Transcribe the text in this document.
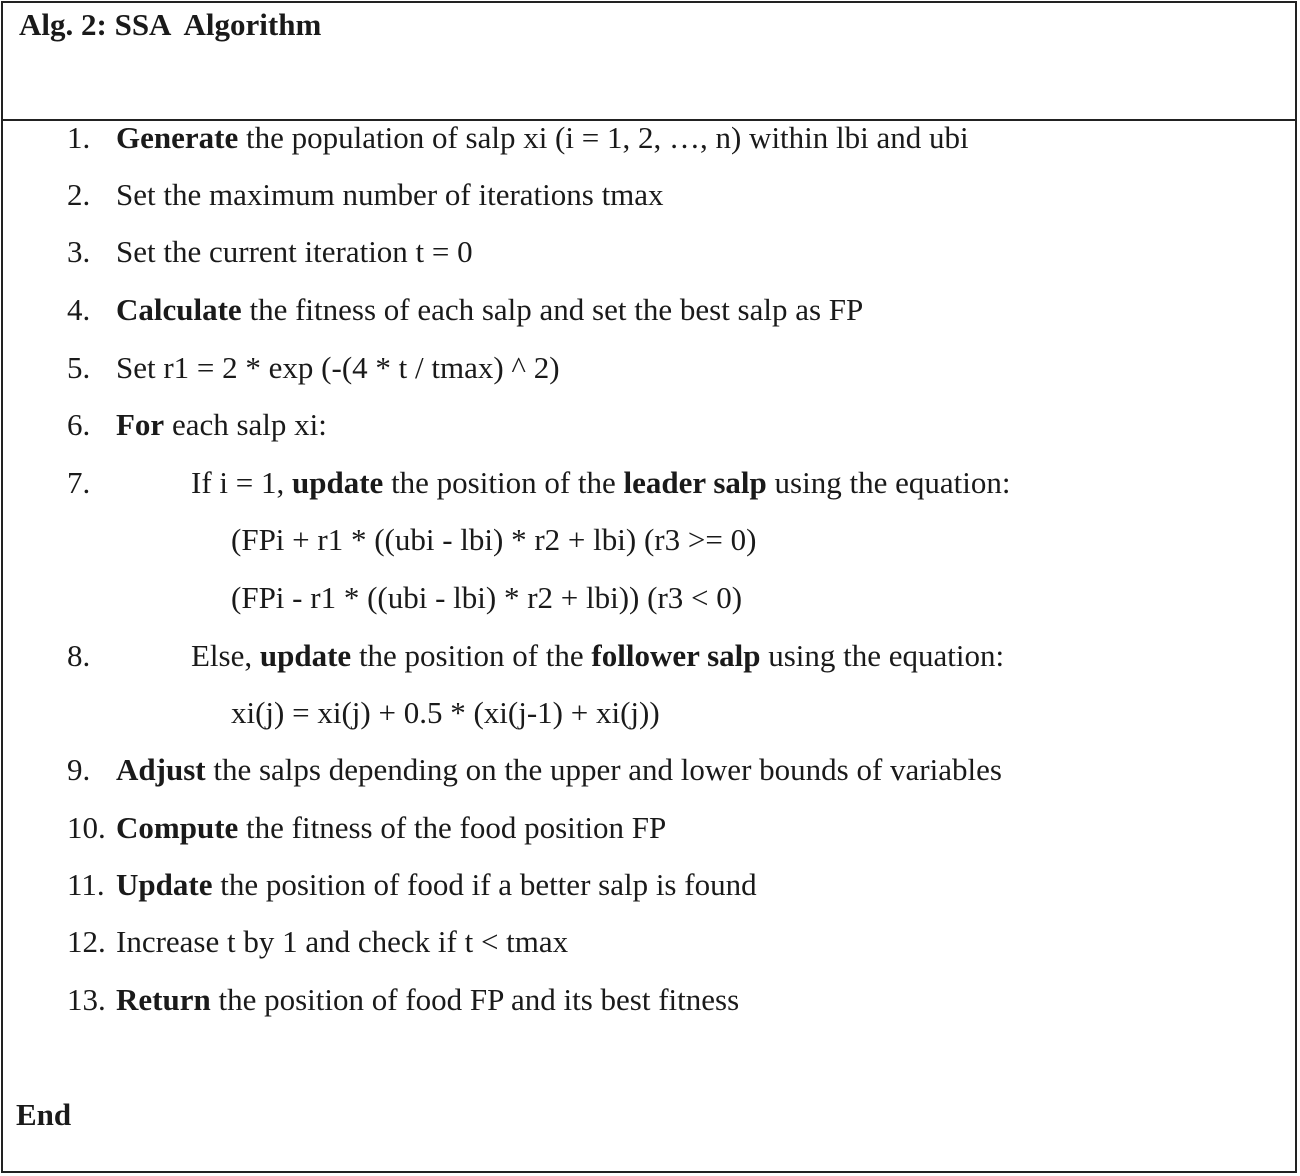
Alg. 2: SSA  Algorithm
1. Generate the population of salp xi (i = 1, 2, …, n) within lbi and ubi
2. Set the maximum number of iterations tmax
3. Set the current iteration t = 0
4. Calculate the fitness of each salp and set the best salp as FP
5. Set r1 = 2 * exp (-(4 * t / tmax) ^ 2)
6. For each salp xi:
7.	If i = 1, update the position of the leader salp using the equation:
(FPi + r1 * ((ubi - lbi) * r2 + lbi) (r3 >= 0)
(FPi - r1 * ((ubi - lbi) * r2 + lbi)) (r3 < 0)
8.	Else, update the position of the follower salp using the equation:
xi(j) = xi(j) + 0.5 * (xi(j-1) + xi(j))
9. Adjust the salps depending on the upper and lower bounds of variables
10. Compute the fitness of the food position FP
11. Update the position of food if a better salp is found
12. Increase t by 1 and check if t < tmax
13. Return the position of food FP and its best fitness
End
